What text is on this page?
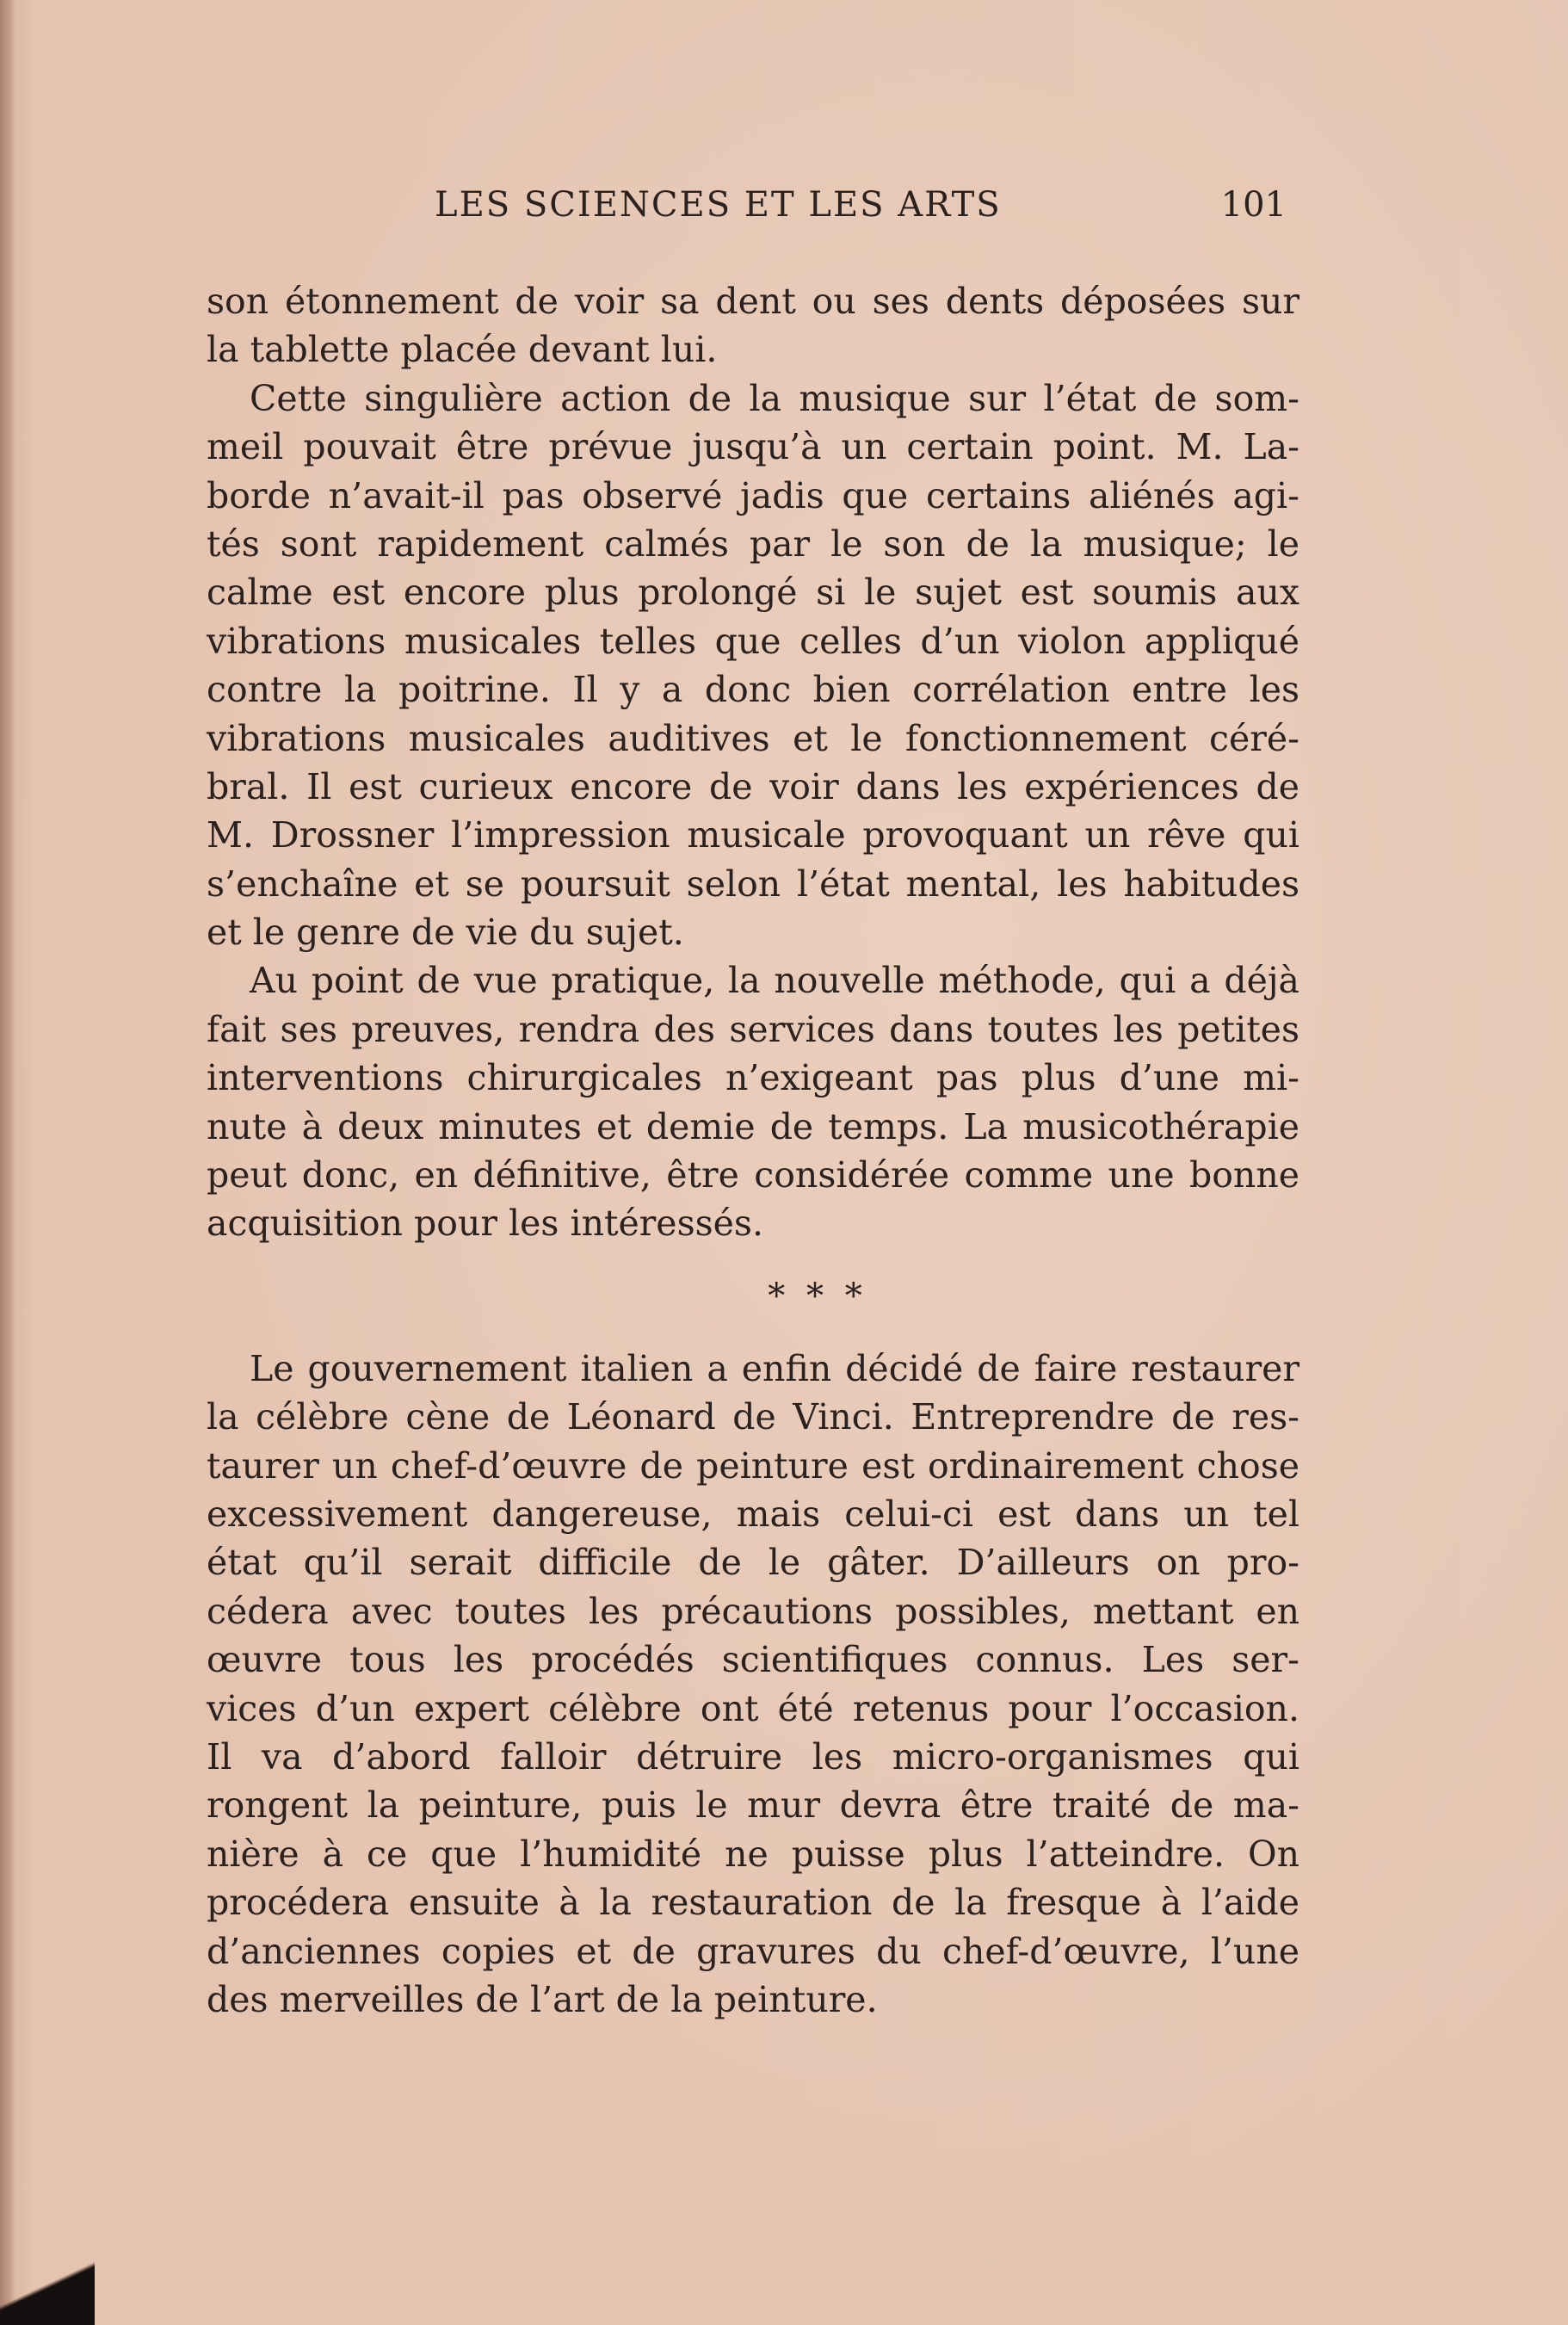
LES SCIENCES ET LES ARTS	101
son étonnement de voir sa dent ou ses dents déposées sur
la tablette placée devant lui.
Cette singulière action de la musique sur l’état de som-
meil pouvait être prévue jusqu’à un certain point. M. La-
borde n’avait-il pas observé jadis que certains aliénés agi-
tés sont rapidement calmés par le son de la musique; le
calme est encore plus prolongé si le sujet est soumis aux
vibrations musicales telles que celles d’un violon appliqué
contre la poitrine. Il y a donc bien corrélation entre les
vibrations musicales auditives et le fonctionnement céré-
bral. Il est curieux encore de voir dans les expériences de
M. Drossner l’impression musicale provoquant un rêve qui
s’enchaîne et se poursuit selon l’état mental, les habitudes
et le genre de vie du sujet.
Au point de vue pratique, la nouvelle méthode, qui a déjà
fait ses preuves, rendra des services dans toutes les petites
interventions chirurgicales n’exigeant pas plus d’une mi-
nute à deux minutes et demie de temps. La musicothérapie
peut donc, en définitive, être considérée comme une bonne
acquisition pour les intéressés.
* * *
Le gouvernement italien a enfin décidé de faire restaurer
la célèbre cène de Léonard de Vinci. Entreprendre de res-
taurer un chef-d’œuvre de peinture est ordinairement chose
excessivement dangereuse, mais celui-ci est dans un tel
état qu’il serait difficile de le gâter. D’ailleurs on pro-
cédera avec toutes les précautions possibles, mettant en
œuvre tous les procédés scientifiques connus. Les ser-
vices d’un expert célèbre ont été retenus pour l’occasion.
Il va d’abord falloir détruire les micro-organismes qui
rongent la peinture, puis le mur devra être traité de ma-
nière à ce que l’humidité ne puisse plus l’atteindre. On
procédera ensuite à la restauration de la fresque à l’aide
d’anciennes copies et de gravures du chef-d’œuvre, l’une
des merveilles de l’art de la peinture.
